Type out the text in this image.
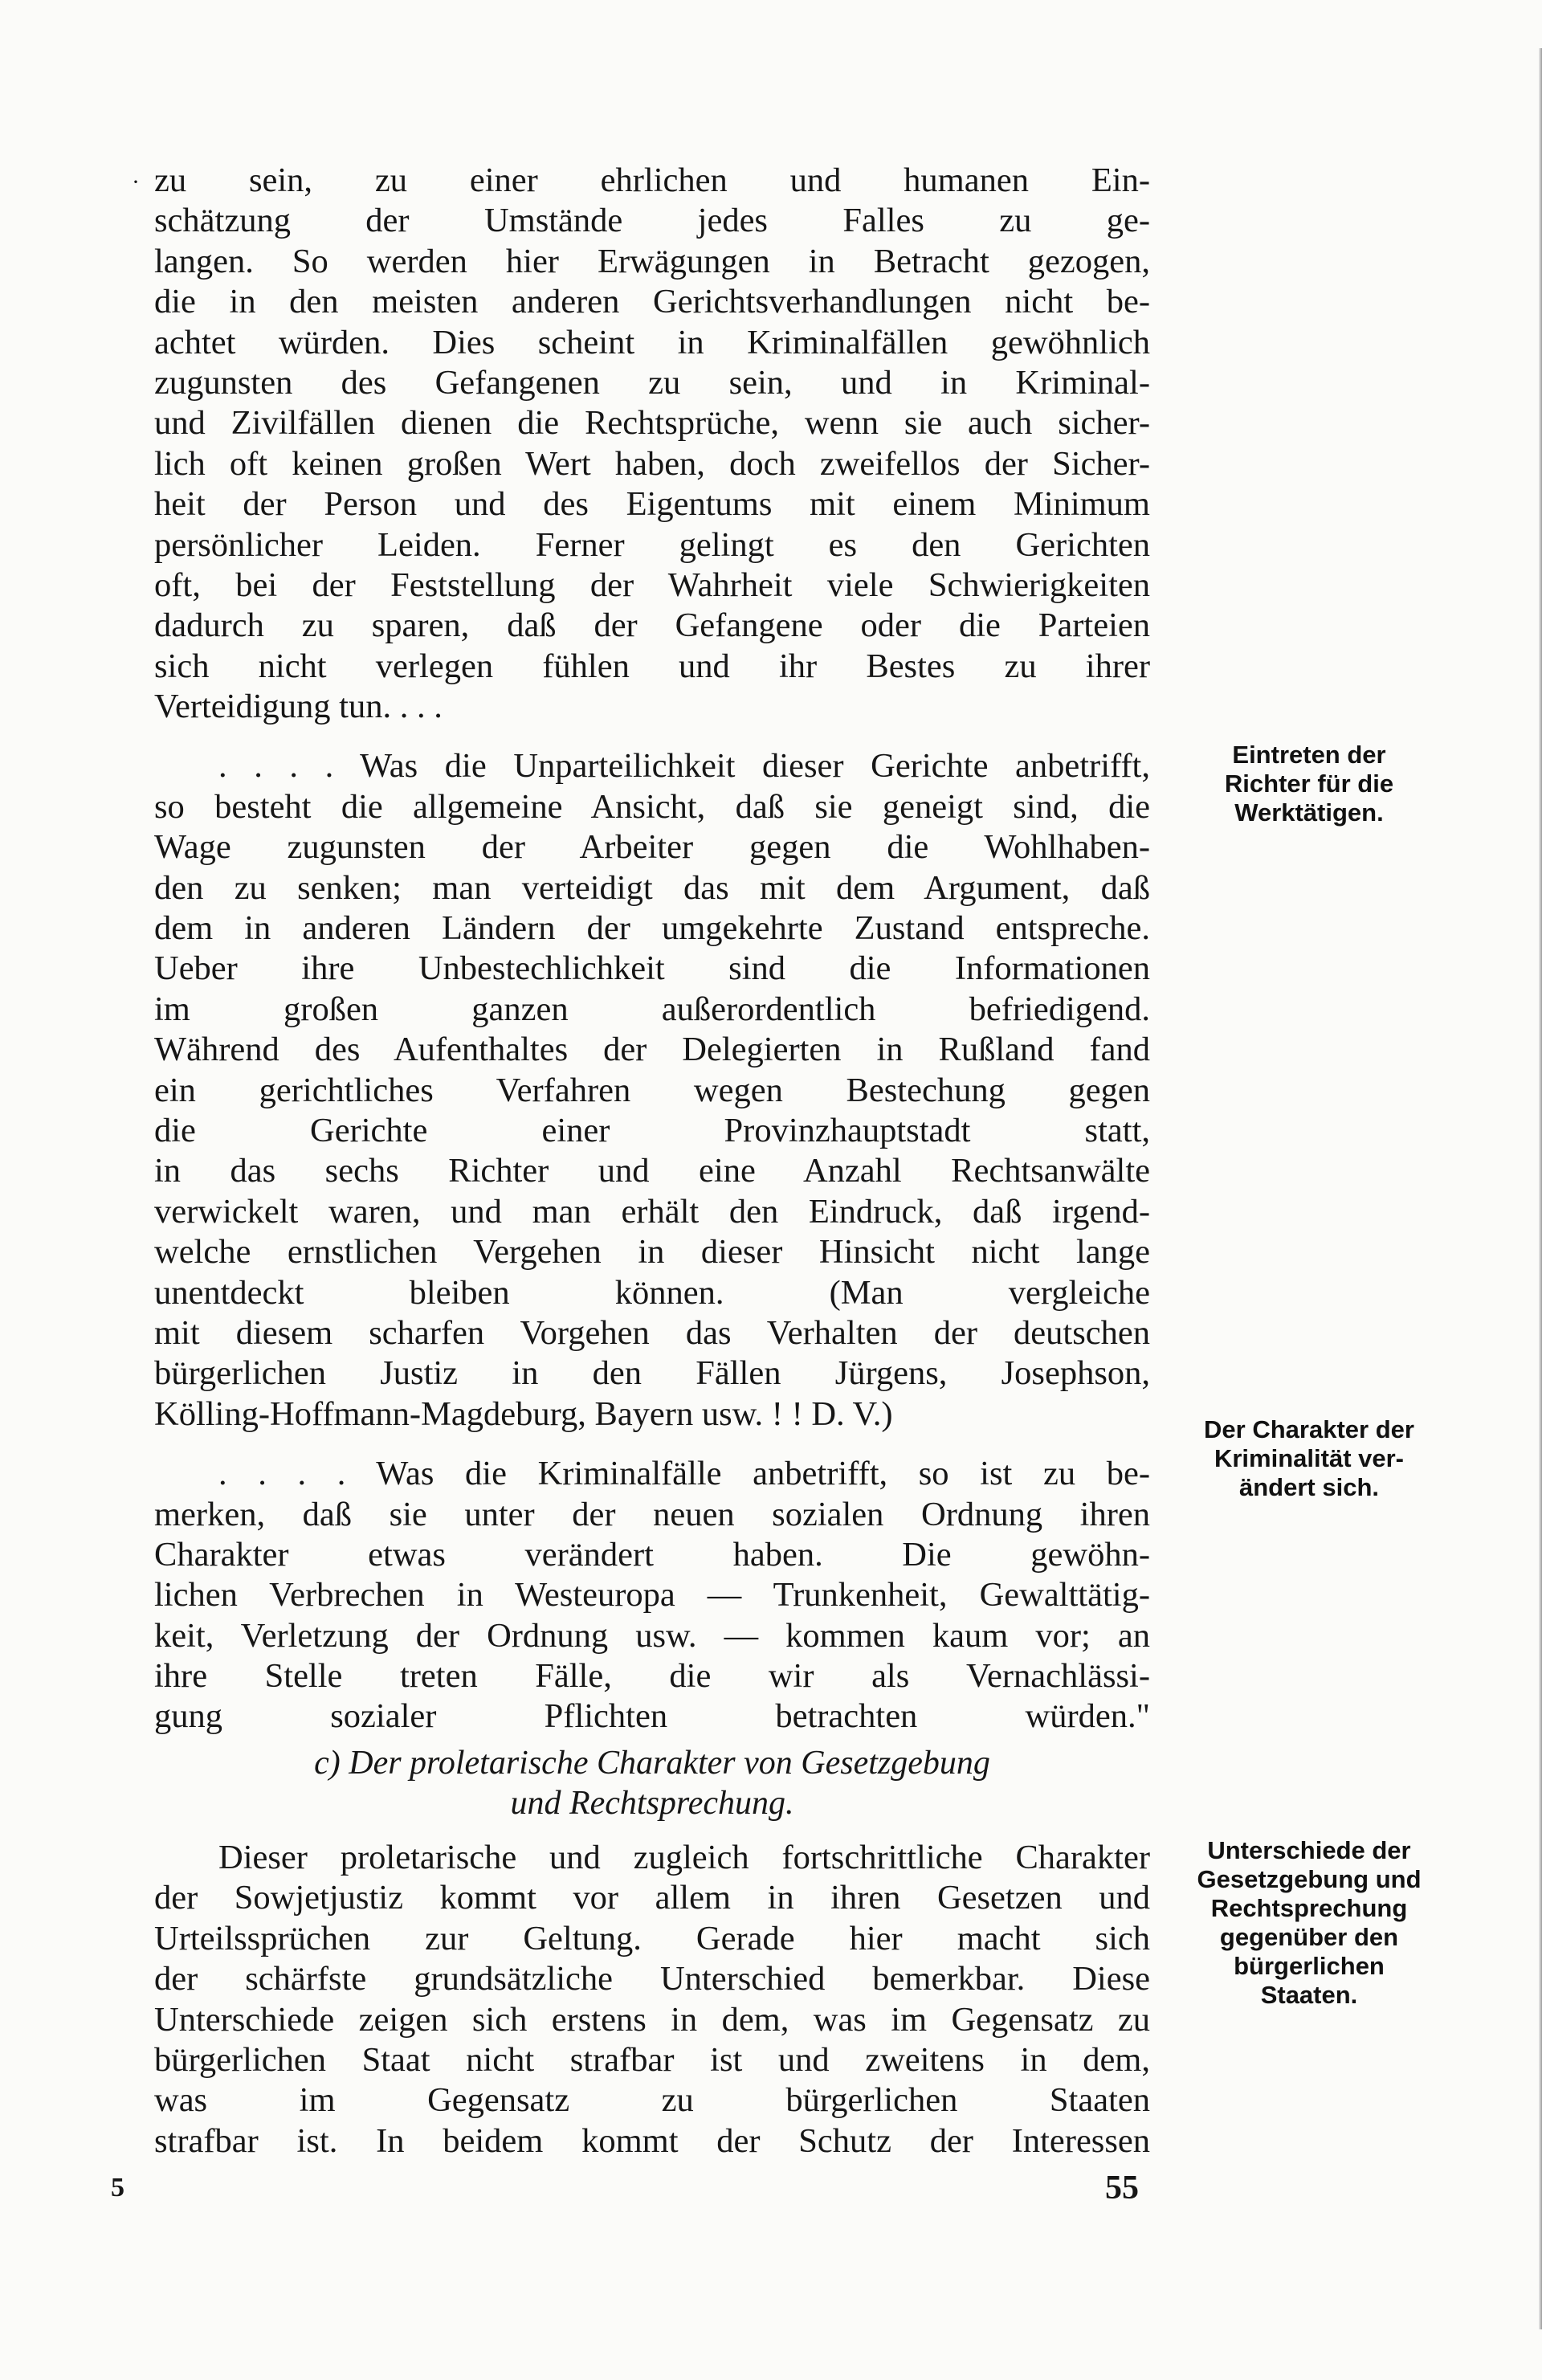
· zu sein, zu einer ehrlichen und humanen Ein-
schätzung der Umstände jedes Falles zu ge-
langen. So werden hier Erwägungen in Betracht gezogen,
die in den meisten anderen Gerichtsverhandlungen nicht be-
achtet würden. Dies scheint in Kriminalfällen gewöhnlich
zugunsten des Gefangenen zu sein, und in Kriminal-
und Zivilfällen dienen die Rechtsprüche, wenn sie auch sicher-
lich oft keinen großen Wert haben, doch zweifellos der Sicher-
heit der Person und des Eigentums mit einem Minimum
persönlicher Leiden. Ferner gelingt es den Gerichten
oft, bei der Feststellung der Wahrheit viele Schwierigkeiten
dadurch zu sparen, daß der Gefangene oder die Parteien
sich nicht verlegen fühlen und ihr Bestes zu ihrer
Verteidigung tun. . . .
. . . . Was die Unparteilichkeit dieser Gerichte anbetrifft,
so besteht die allgemeine Ansicht, daß sie geneigt sind, die
Wage zugunsten der Arbeiter gegen die Wohlhaben-
den zu senken; man verteidigt das mit dem Argument, daß
dem in anderen Ländern der umgekehrte Zustand entspreche.
Ueber ihre Unbestechlichkeit sind die Informationen
im großen ganzen außerordentlich befriedigend.
Während des Aufenthaltes der Delegierten in Rußland fand
ein gerichtliches Verfahren wegen Bestechung gegen
die Gerichte einer Provinzhauptstadt statt,
in das sechs Richter und eine Anzahl Rechtsanwälte
verwickelt waren, und man erhält den Eindruck, daß irgend-
welche ernstlichen Vergehen in dieser Hinsicht nicht lange
unentdeckt bleiben können. (Man vergleiche
mit diesem scharfen Vorgehen das Verhalten der deutschen
bürgerlichen Justiz in den Fällen Jürgens, Josephson,
Kölling-Hoffmann-Magdeburg, Bayern usw. ! ! D. V.)
. . . . Was die Kriminalfälle anbetrifft, so ist zu be-
merken, daß sie unter der neuen sozialen Ordnung ihren
Charakter etwas verändert haben. Die gewöhn-
lichen Verbrechen in Westeuropa — Trunkenheit, Gewalttätig-
keit, Verletzung der Ordnung usw. — kommen kaum vor; an
ihre Stelle treten Fälle, die wir als Vernachlässi-
gung sozialer Pflichten betrachten würden."
c) Der proletarische Charakter von Gesetzgebung
und Rechtsprechung.
Dieser proletarische und zugleich fortschrittliche Charakter
der Sowjetjustiz kommt vor allem in ihren Gesetzen und
Urteilssprüchen zur Geltung. Gerade hier macht sich
der schärfste grundsätzliche Unterschied bemerkbar. Diese
Unterschiede zeigen sich erstens in dem, was im Gegensatz zu
bürgerlichen Staat nicht strafbar ist und zweitens in dem,
was im Gegensatz zu bürgerlichen Staaten
strafbar ist. In beidem kommt der Schutz der Interessen
Eintreten der
Richter für die
Werktätigen.
Der Charakter der
Kriminalität ver-
ändert sich.
Unterschiede der
Gesetzgebung und
Rechtsprechung
gegenüber den
bürgerlichen
Staaten.
5	55
